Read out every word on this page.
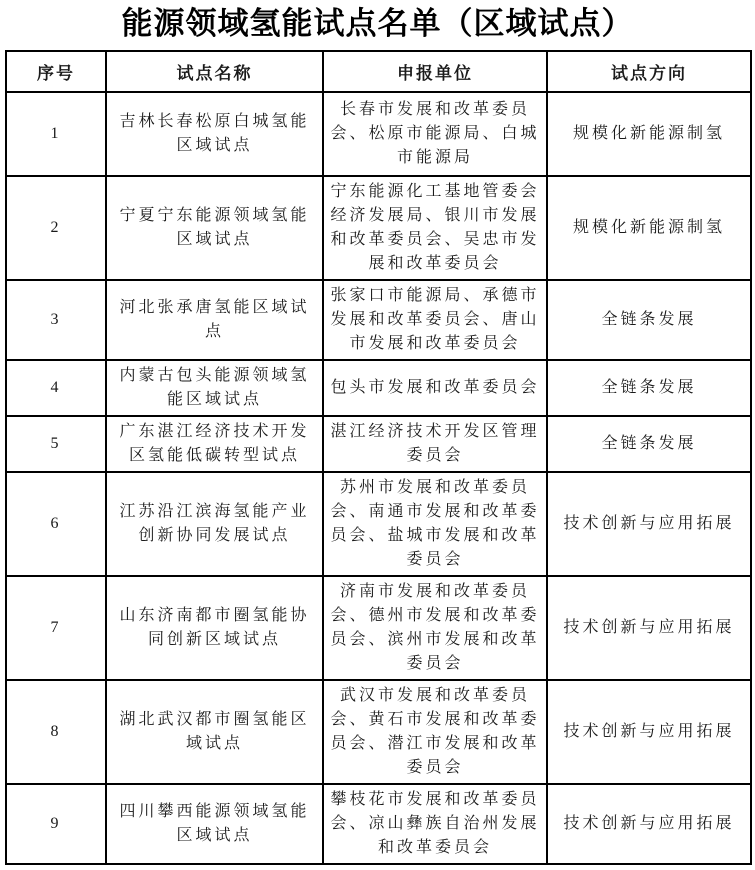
能源领域氢能试点名单（区域试点）
序号	试点名称	申报单位	试点方向
1	吉林长春松原白城氢能区域试点	长春市发展和改革委员会、松原市能源局、白城市能源局	规模化新能源制氢
2	宁夏宁东能源领域氢能区域试点	宁东能源化工基地管委会经济发展局、银川市发展和改革委员会、吴忠市发展和改革委员会	规模化新能源制氢
3	河北张承唐氢能区域试点	张家口市能源局、承德市发展和改革委员会、唐山市发展和改革委员会	全链条发展
4	内蒙古包头能源领域氢能区域试点	包头市发展和改革委员会	全链条发展
5	广东湛江经济技术开发区氢能低碳转型试点	湛江经济技术开发区管理委员会	全链条发展
6	江苏沿江滨海氢能产业创新协同发展试点	苏州市发展和改革委员会、南通市发展和改革委员会、盐城市发展和改革委员会	技术创新与应用拓展
7	山东济南都市圈氢能协同创新区域试点	济南市发展和改革委员会、德州市发展和改革委员会、滨州市发展和改革委员会	技术创新与应用拓展
8	湖北武汉都市圈氢能区域试点	武汉市发展和改革委员会、黄石市发展和改革委员会、潜江市发展和改革委员会	技术创新与应用拓展
9	四川攀西能源领域氢能区域试点	攀枝花市发展和改革委员会、凉山彝族自治州发展和改革委员会	技术创新与应用拓展
